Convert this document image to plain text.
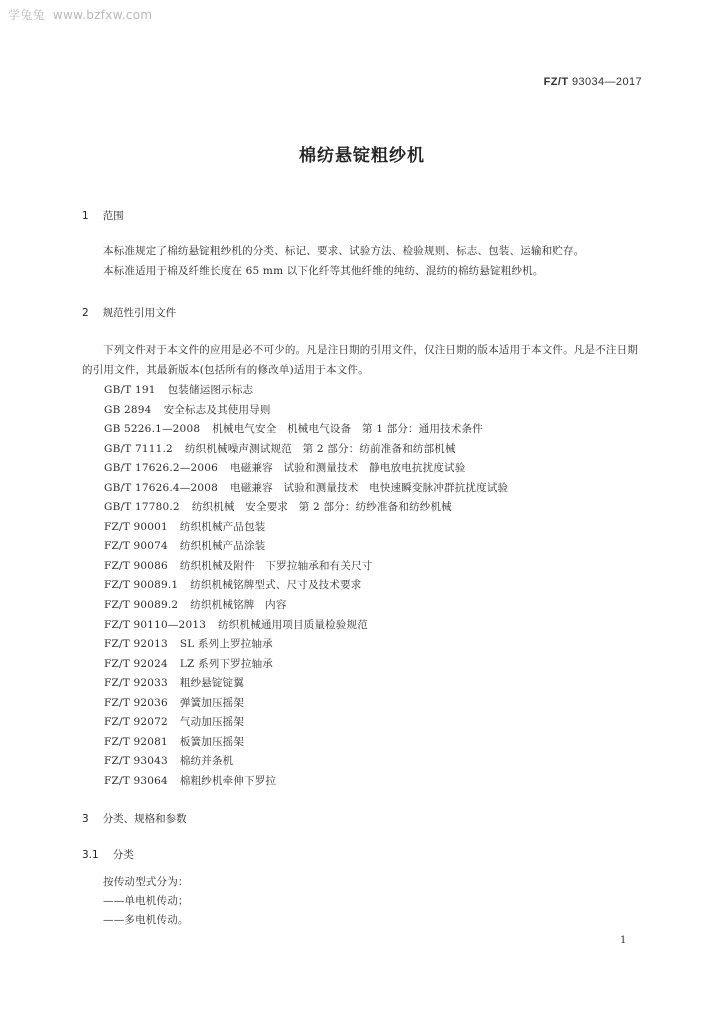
学兔兔 www.bzfxw.com
FZ/T 93034—2017
棉纺悬锭粗纱机
1 范围
本标准规定了棉纺悬锭粗纱机的分类、标记、要求、试验方法、检验规则、标志、包装、运输和贮存。
本标准适用于棉及纤维长度在 65 mm 以下化纤等其他纤维的纯纺、混纺的棉纺悬锭粗纱机。
2 规范性引用文件
下列文件对于本文件的应用是必不可少的。凡是注日期的引用文件，仅注日期的版本适用于本文件。凡是不注日期的引用文件，其最新版本(包括所有的修改单)适用于本文件。
GB/T 191 包装储运图示标志
GB 2894 安全标志及其使用导则
GB 5226.1—2008 机械电气安全　机械电气设备　第 1 部分：通用技术条件
GB/T 7111.2 纺织机械噪声测试规范　第 2 部分：纺前准备和纺部机械
GB/T 17626.2—2006 电磁兼容　试验和测量技术　静电放电抗扰度试验
GB/T 17626.4—2008 电磁兼容　试验和测量技术　电快速瞬变脉冲群抗扰度试验
GB/T 17780.2 纺织机械　安全要求　第 2 部分：纺纱准备和纺纱机械
FZ/T 90001 纺织机械产品包装
FZ/T 90074 纺织机械产品涂装
FZ/T 90086 纺织机械及附件　下罗拉轴承和有关尺寸
FZ/T 90089.1 纺织机械铭牌型式、尺寸及技术要求
FZ/T 90089.2 纺织机械铭牌　内容
FZ/T 90110—2013 纺织机械通用项目质量检验规范
FZ/T 92013 SL 系列上罗拉轴承
FZ/T 92024 LZ 系列下罗拉轴承
FZ/T 92033 粗纱悬锭锭翼
FZ/T 92036 弹簧加压摇架
FZ/T 92072 气动加压摇架
FZ/T 92081 板簧加压摇架
FZ/T 93043 棉纺并条机
FZ/T 93064 棉粗纱机牵伸下罗拉
3 分类、规格和参数
3.1 分类
按传动型式分为：
——单电机传动；
——多电机传动。
1
